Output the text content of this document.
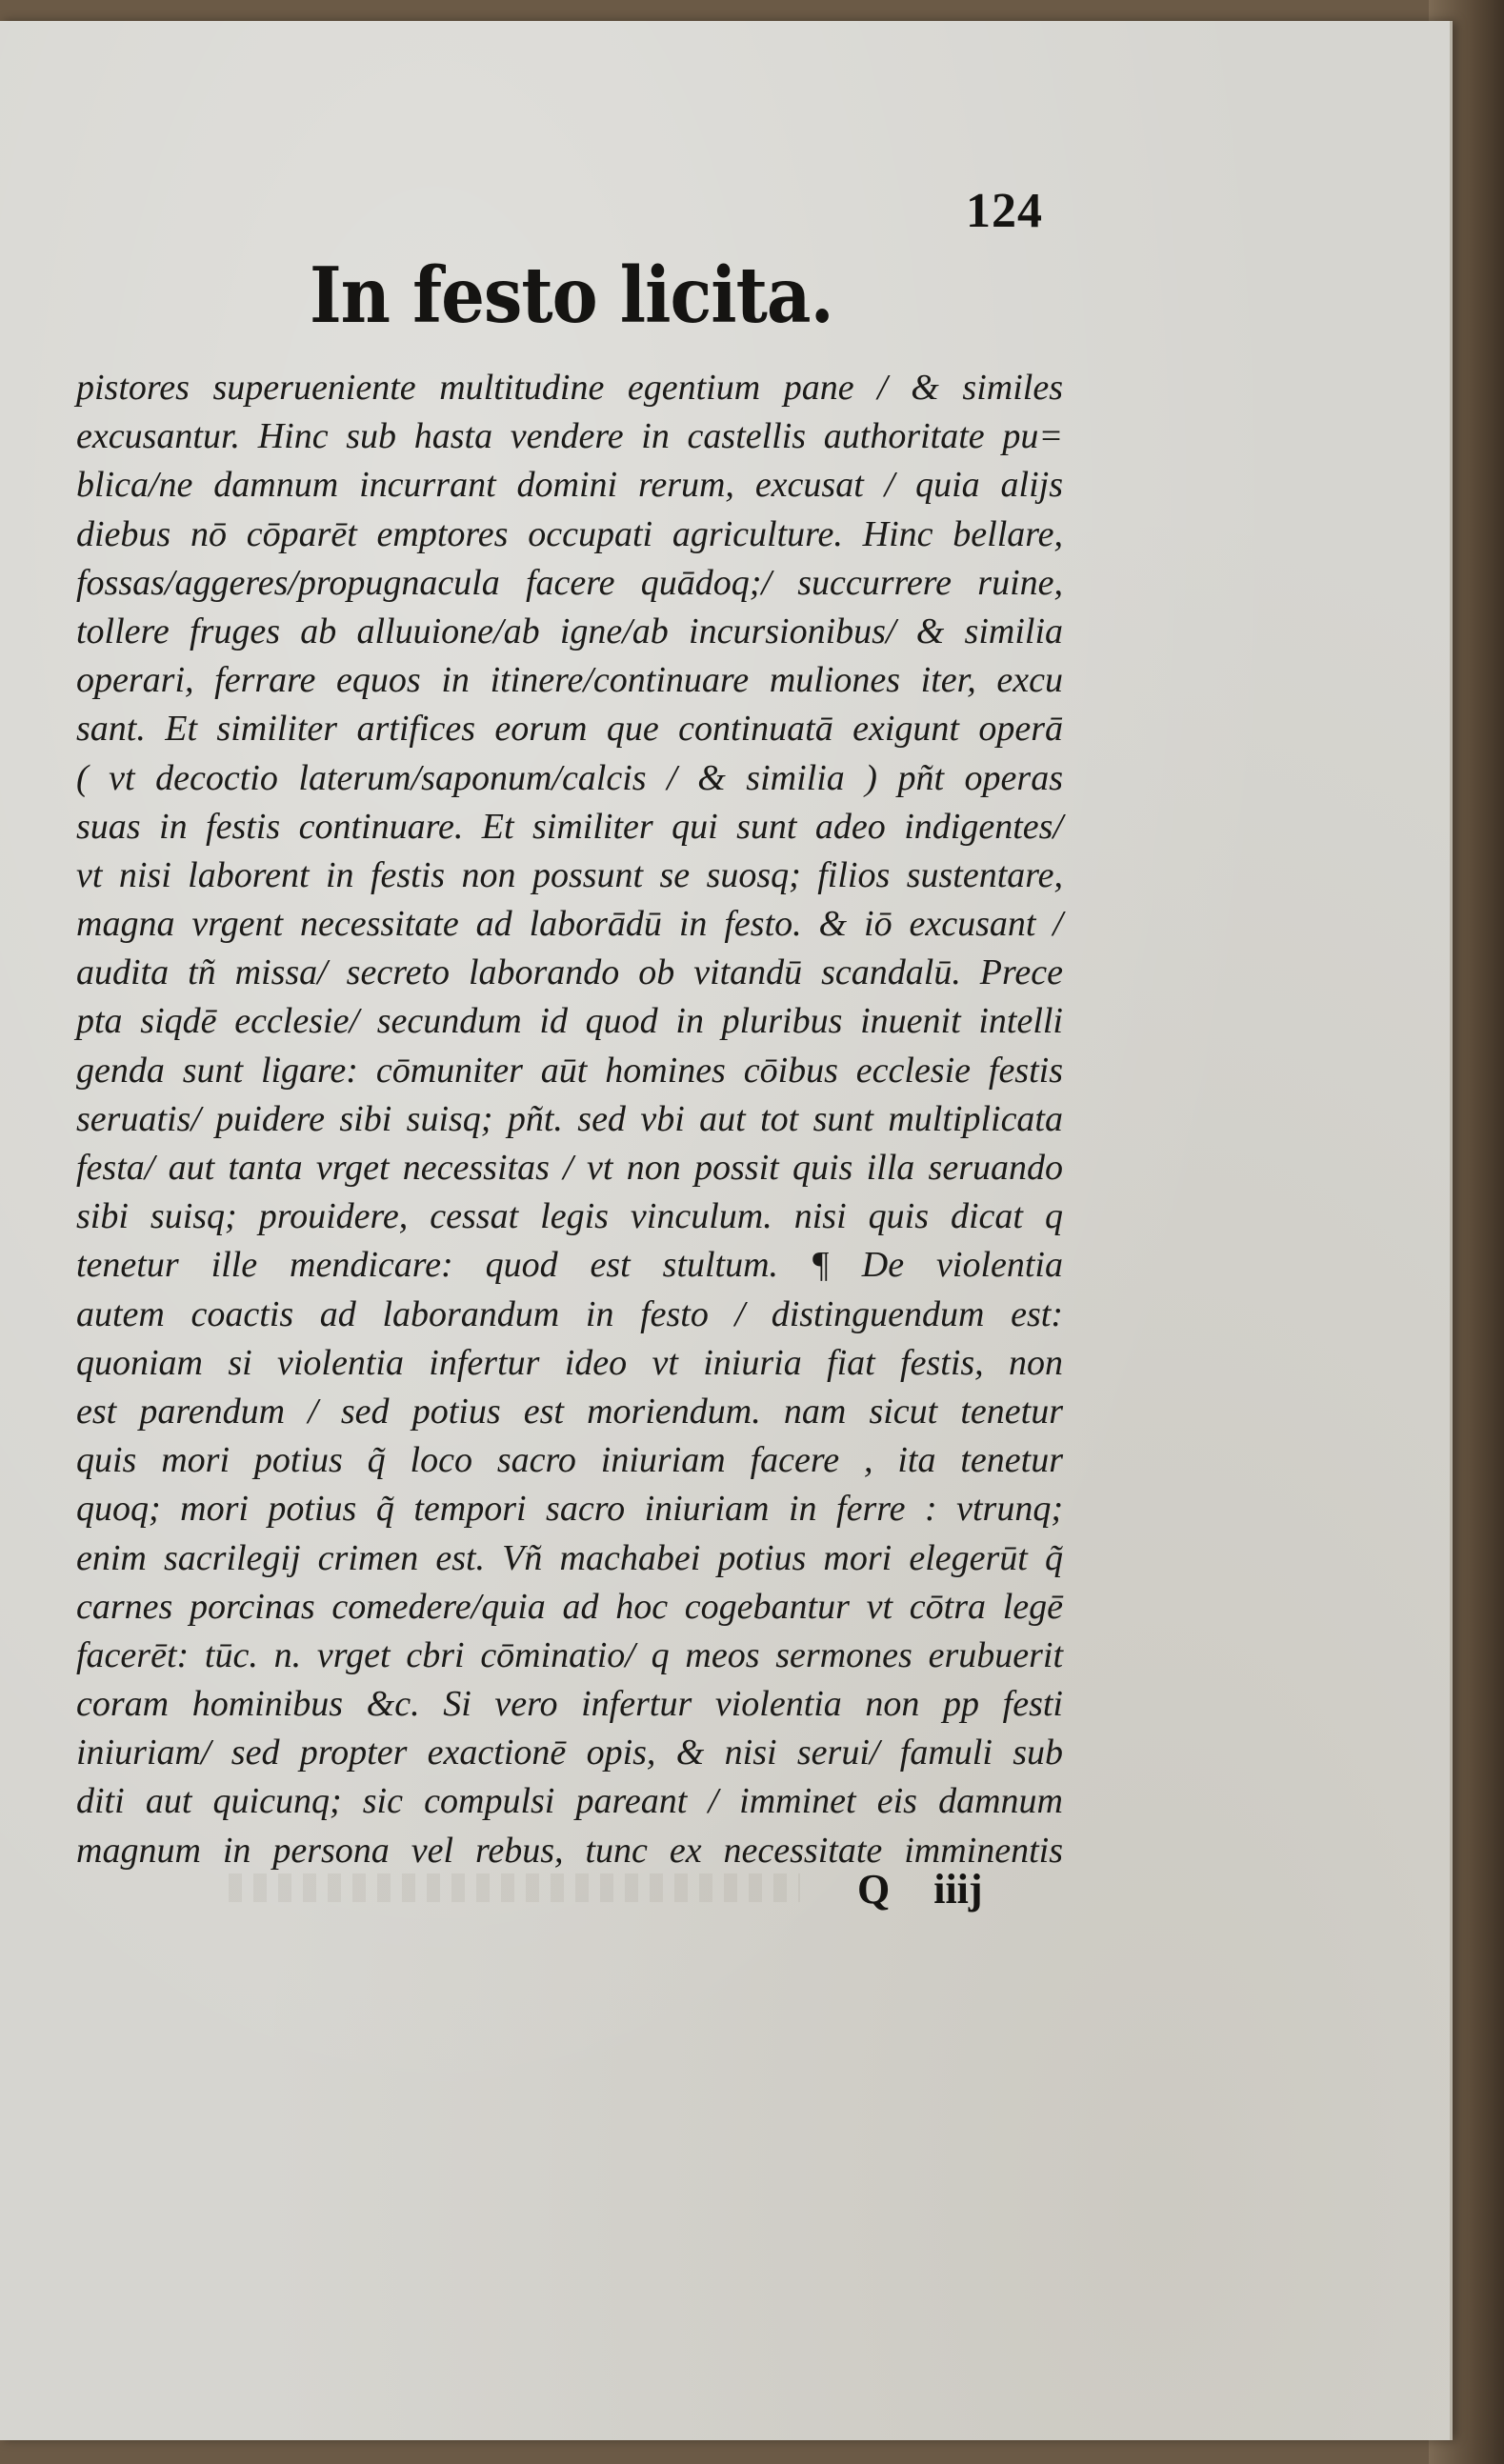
124
In festo licita.
pistores superueniente multitudine egentium pane / & similes
excusantur. Hinc sub hasta vendere in castellis authoritate pu=
blica/ne damnum incurrant domini rerum, excusat / quia alijs
diebus nō cōparēt emptores occupati agriculture. Hinc bellare,
fossas/aggeres/propugnacula facere quādoq;/ succurrere ruine,
tollere fruges ab alluuione/ab igne/ab incursionibus/ & similia
operari, ferrare equos in itinere/continuare muliones iter, excu
sant. Et similiter artifices eorum que continuatā exigunt operā
( vt decoctio laterum/saponum/calcis / & similia ) pñt operas
suas in festis continuare. Et similiter qui sunt adeo indigentes/
vt nisi laborent in festis non possunt se suosq; filios sustentare,
magna vrgent necessitate ad laborādū in festo. & iō excusant /
audita tñ missa/ secreto laborando ob vitandū scandalū. Prece
pta siqdē ecclesie/ secundum id quod in pluribus inuenit intelli
genda sunt ligare: cōmuniter aūt homines cōibus ecclesie festis
seruatis/ puidere sibi suisq; pñt. sed vbi aut tot sunt multiplicata
festa/ aut tanta vrget necessitas / vt non possit quis illa seruando
sibi suisq; prouidere, cessat legis vinculum. nisi quis dicat q
tenetur ille mendicare: quod est stultum. ¶ De violentia
autem coactis ad laborandum in festo / distinguendum est:
quoniam si violentia infertur ideo vt iniuria fiat festis, non
est parendum / sed potius est moriendum. nam sicut tenetur
quis mori potius q̃ loco sacro iniuriam facere , ita tenetur
quoq; mori potius q̃ tempori sacro iniuriam in ferre : vtrunq;
enim sacrilegij crimen est. Vñ machabei potius mori elegerūt q̃
carnes porcinas comedere/quia ad hoc cogebantur vt cōtra legē
facerēt: tūc. n. vrget cbri cōminatio/ q meos sermones erubuerit
coram hominibus &c. Si vero infertur violentia non pp festi
iniuriam/ sed propter exactionē opis, & nisi serui/ famuli sub
diti aut quicunq; sic compulsi pareant / imminet eis damnum
magnum in persona vel rebus, tunc ex necessitate imminentis
Q iiij
